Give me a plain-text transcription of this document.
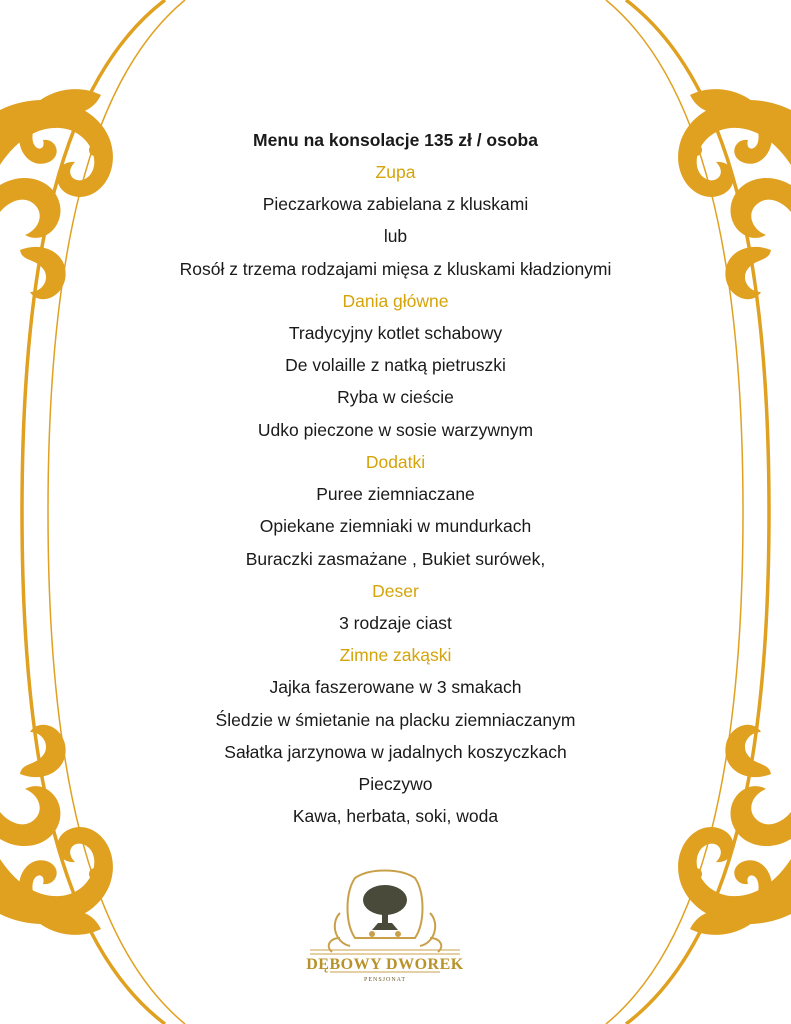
Menu na konsolacje 135 zł / osoba
Zupa
Pieczarkowa zabielana z kluskami
lub
Rosół z trzema rodzajami mięsa z kluskami kładzionymi
Dania główne
Tradycyjny kotlet schabowy
De volaille z natką pietruszki
Ryba w cieście
Udko pieczone w sosie warzywnym
Dodatki
Puree ziemniaczane
Opiekane ziemniaki w mundurkach
Buraczki zasmażane , Bukiet surówek,
Deser
3 rodzaje ciast
Zimne zakąski
Jajka faszerowane w 3 smakach
Śledzie w śmietanie na placku ziemniaczanym
Sałatka jarzynowa w jadalnych koszyczkach
Pieczywo
Kawa, herbata, soki, woda
DĘBOWY DWOREK
PENSJONAT
